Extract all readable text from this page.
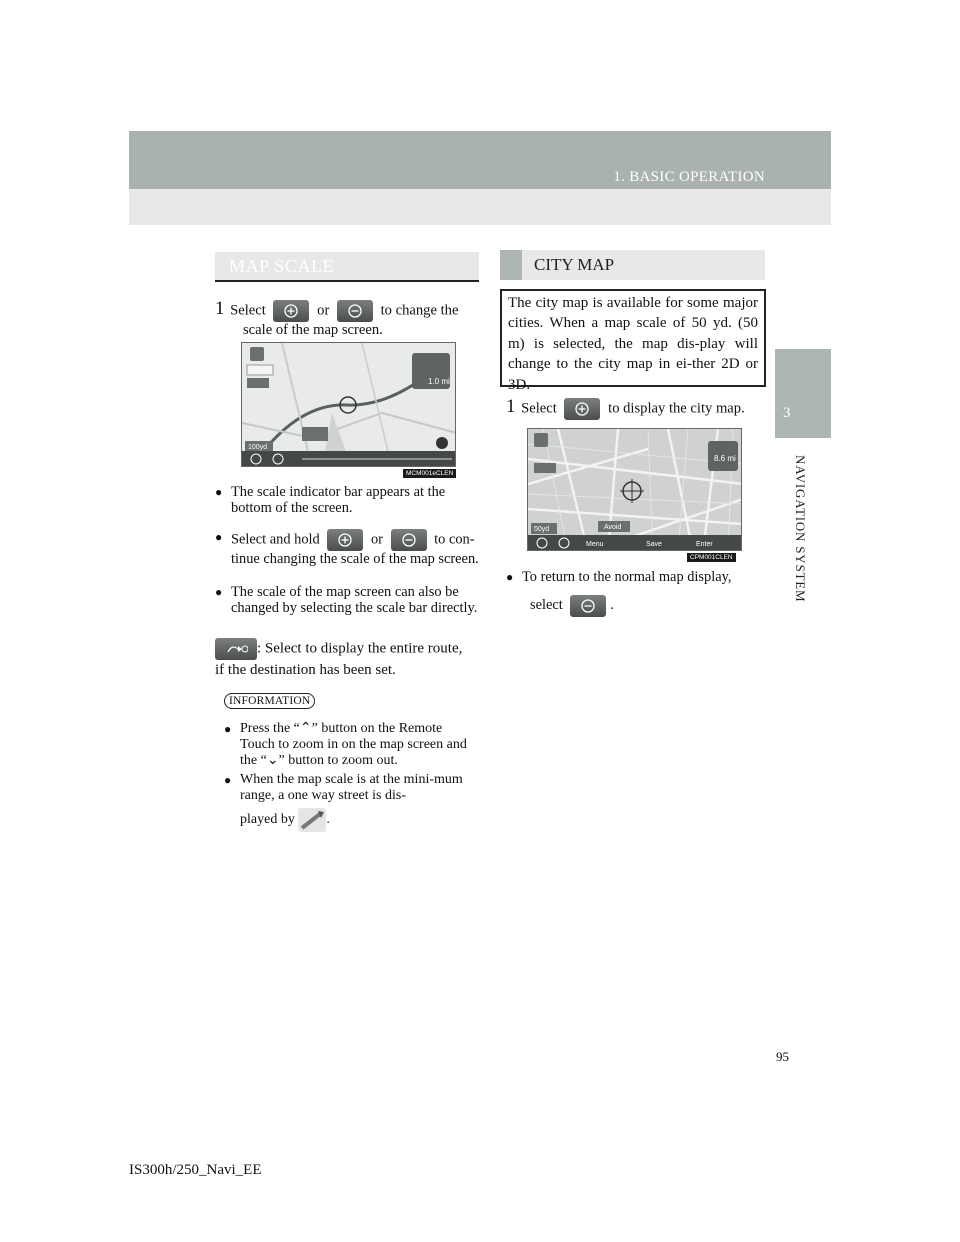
1. BASIC OPERATION
3
NAVIGATION SYSTEM
MAP SCALE
1 Select	or	to change the
scale of the map screen.
1.0 mi
100yd
MCM001eCLEN
● The scale indicator bar appears at the bottom of the screen.
● Select and hold	or	to con-
tinue changing the scale of the map screen.
● The scale of the map screen can also be changed by selecting the scale bar directly.
: Select to display the entire route,
if the destination has been set.
INFORMATION
● Press the “⌃” button on the Remote Touch to zoom in on the map screen and the “⌄” button to zoom out.
● When the map scale is at the mini-mum range, a one way street is dis-
played by .
CITY MAP
The city map is available for some major cities. When a map scale of 50 yd. (50 m) is selected, the map dis-play will change to the city map in ei-ther 2D or 3D.
1 Select	to display the city map.
8.6 mi
50yd	Avoid
Menu	Save	Enter
CPM001CLEN
● To return to the normal map display,
select	.
95
IS300h/250_Navi_EE
